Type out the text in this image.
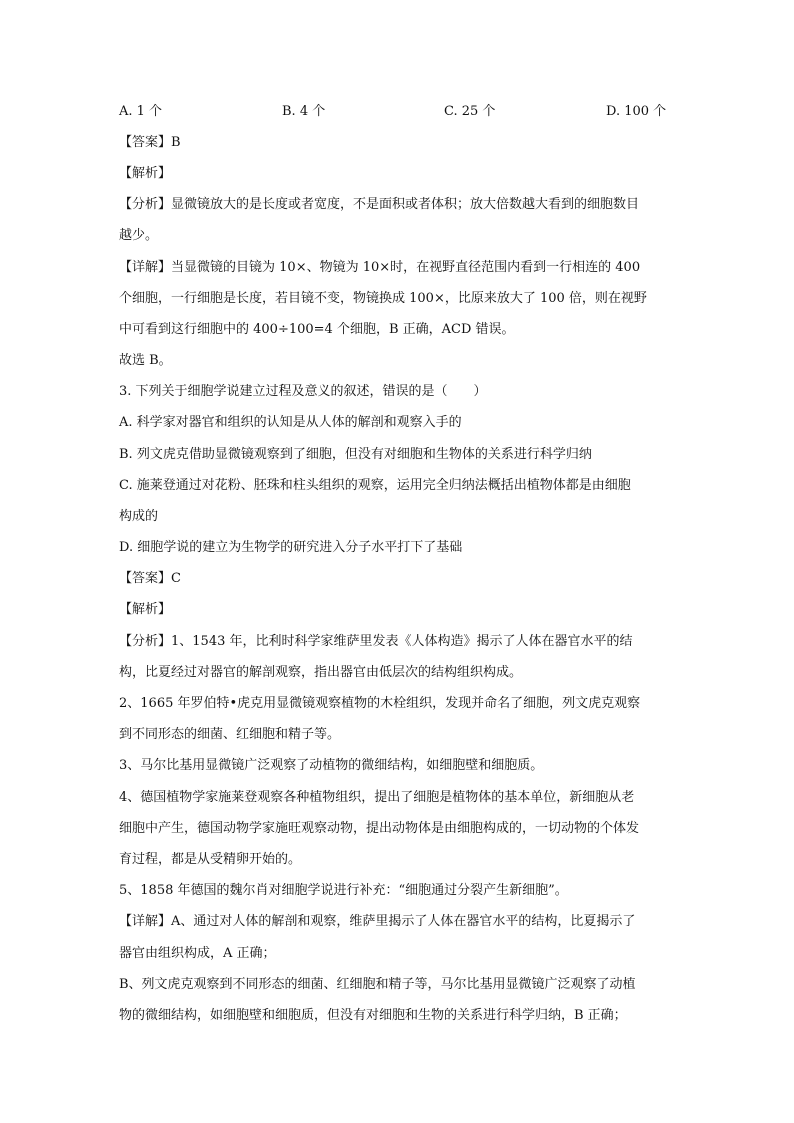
A. 1 个	B. 4 个	C. 25 个	D. 100 个
【答案】B
【解析】
【分析】显微镜放大的是长度或者宽度，不是面积或者体积；放大倍数越大看到的细胞数目
越少。
【详解】当显微镜的目镜为 10×、物镜为 10×时，在视野直径范围内看到一行相连的 400
个细胞，一行细胞是长度，若目镜不变，物镜换成 100×，比原来放大了 100 倍，则在视野
中可看到这行细胞中的 400÷100=4 个细胞，B 正确，ACD 错误。
故选 B。
3. 下列关于细胞学说建立过程及意义的叙述，错误的是（　　）
A. 科学家对器官和组织的认知是从人体的解剖和观察入手的
B. 列文虎克借助显微镜观察到了细胞，但没有对细胞和生物体的关系进行科学归纳
C. 施莱登通过对花粉、胚珠和柱头组织的观察，运用完全归纳法概括出植物体都是由细胞
构成的
D. 细胞学说的建立为生物学的研究进入分子水平打下了基础
【答案】C
【解析】
【分析】1、1543 年，比利时科学家维萨里发表《人体构造》揭示了人体在器官水平的结
构，比夏经过对器官的解剖观察，指出器官由低层次的结构组织构成。
2、1665 年罗伯特•虎克用显微镜观察植物的木栓组织，发现并命名了细胞，列文虎克观察
到不同形态的细菌、红细胞和精子等。
3、马尔比基用显微镜广泛观察了动植物的微细结构，如细胞壁和细胞质。
4、德国植物学家施莱登观察各种植物组织，提出了细胞是植物体的基本单位，新细胞从老
细胞中产生，德国动物学家施旺观察动物，提出动物体是由细胞构成的，一切动物的个体发
育过程，都是从受精卵开始的。
5、1858 年德国的魏尔肖对细胞学说进行补充：“细胞通过分裂产生新细胞”。
【详解】A、通过对人体的解剖和观察，维萨里揭示了人体在器官水平的结构，比夏揭示了
器官由组织构成，A 正确；
B、列文虎克观察到不同形态的细菌、红细胞和精子等，马尔比基用显微镜广泛观察了动植
物的微细结构，如细胞壁和细胞质，但没有对细胞和生物的关系进行科学归纳，B 正确；
